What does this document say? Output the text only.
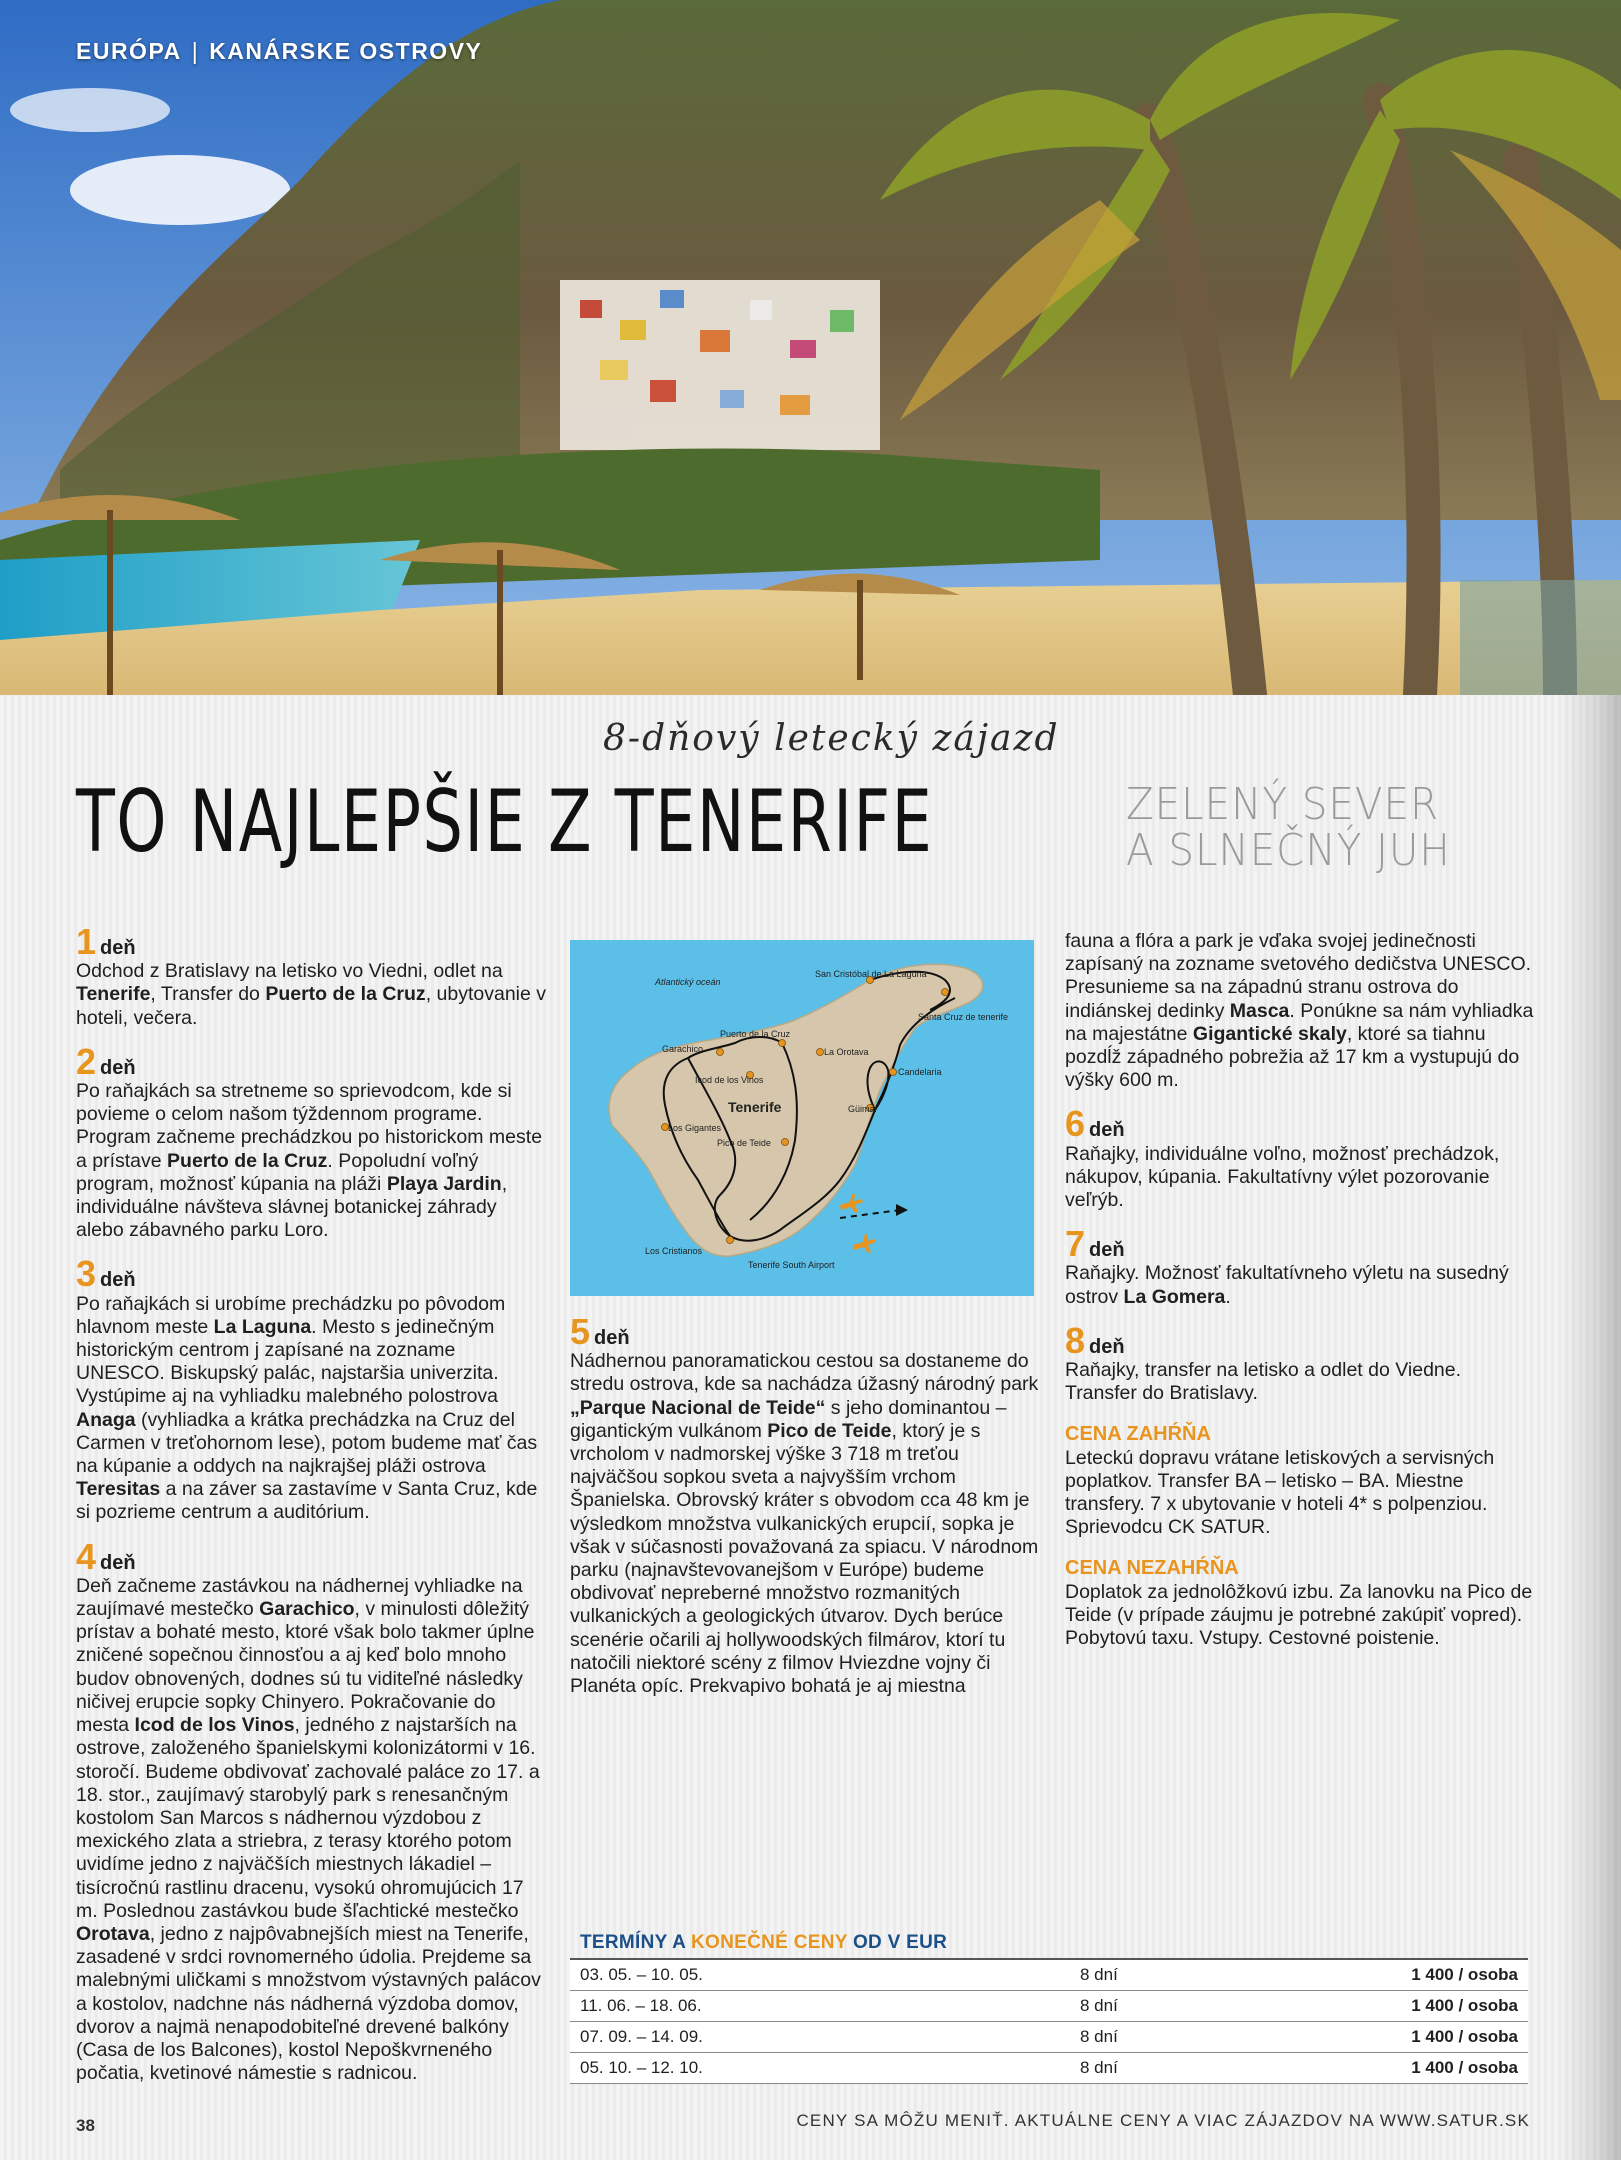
EURÓPA | KANÁRSKE OSTROVY
8-dňový letecký zájazd
TO NAJLEPŠIE Z TENERIFE	ZELENÝ SEVER
A SLNEČNÝ JUH
1 deň
Odchod z Bratislavy na letisko vo Viedni, odlet na Tenerife, Transfer do Puerto de la Cruz, ubytovanie v hoteli, večera.
2 deň
Po raňajkách sa stretneme so sprievodcom, kde si povieme o celom našom týždennom programe. Program začneme prechádzkou po historickom meste a prístave Puerto de la Cruz. Popoludní voľný program, možnosť kúpania na pláži Playa Jardin, individuálne návšteva slávnej botanickej záhrady alebo zábavného parku Loro.
3 deň
Po raňajkách si urobíme prechádzku po pôvodom hlavnom meste La Laguna. Mesto s jedinečným historickým centrom j zapísané na zozname UNESCO. Biskupský palác, najstaršia univerzita. Vystúpime aj na vyhliadku malebného polostrova Anaga (vyhliadka a krátka prechádzka na Cruz del Carmen v treťohornom lese), potom budeme mať čas na kúpanie a oddych na najkrajšej pláži ostrova Teresitas a na záver sa zastavíme v Santa Cruz, kde si pozrieme centrum a auditórium.
4 deň
Deň začneme zastávkou na nádhernej vyhliadke na zaujímavé mestečko Garachico, v minulosti dôležitý prístav a bohaté mesto, ktoré však bolo takmer úplne zničené sopečnou činnosťou a aj keď bolo mnoho budov obnovených, dodnes sú tu viditeľné následky ničivej erupcie sopky Chinyero. Pokračovanie do mesta Icod de los Vinos, jedného z najstarších na ostrove, založeného španielskymi kolonizátormi v 16. storočí. Budeme obdivovať zachovalé paláce zo 17. a 18. stor., zaujímavý starobylý park s renesančným kostolom San Marcos s nádhernou výzdobou z mexického zlata a striebra, z terasy ktorého potom uvidíme jedno z najväčších miestnych lákadiel – tisícročnú rastlinu dracenu, vysokú ohromujúcich 17 m. Poslednou zastávkou bude šľachtické mestečko Orotava, jedno z najpôvabnejších miest na Tenerife, zasadené v srdci rovnomerného údolia. Prejdeme sa malebnými uličkami s množstvom výstavných palácov a kostolov, nadchne nás nádherná výzdoba domov, dvorov a najmä nenapodobiteľné drevené balkóny (Casa de los Balcones), kostol Nepoškvrneného počatia, kvetinové námestie s radnicou.
Atlantický oceán
San Cristóbal de La Laguna
Santa Cruz de tenerife
Puerto de la Cruz
Garachico	La Orotava
Icod de los Vinos
Candelaria
Tenerife	Güimar
Los Gigantes
Pico de Teide
Los Cristianos
Tenerife South Airport
5 deň
Nádhernou panoramatickou cestou sa dostaneme do stredu ostrova, kde sa nachádza úžasný národný park „Parque Nacional de Teide“ s jeho dominantou – gigantickým vulkánom Pico de Teide, ktorý je s vrcholom v nadmorskej výške 3 718 m treťou najväčšou sopkou sveta a najvyšším vrchom Španielska. Obrovský kráter s obvodom cca 48 km je výsledkom množstva vulkanických erupcií, sopka je však v súčasnosti považovaná za spiacu. V národnom parku (najnavštevovanejšom v Európe) budeme obdivovať nepreberné množstvo rozmanitých vulkanických a geologických útvarov. Dych berúce scenérie očarili aj hollywoodských filmárov, ktorí tu natočili niektoré scény z filmov Hviezdne vojny či Planéta opíc. Prekvapivo bohatá je aj miestna
fauna a flóra a park je vďaka svojej jedinečnosti zapísaný na zozname svetového dedičstva UNESCO. Presunieme sa na západnú stranu ostrova do indiánskej dedinky Masca. Ponúkne sa nám vyhliadka na majestátne Gigantické skaly, ktoré sa tiahnu pozdĺž západného pobrežia až 17 km a vystupujú do výšky 600 m.
6 deň
Raňajky, individuálne voľno, možnosť prechádzok, nákupov, kúpania. Fakultatívny výlet pozorovanie veľrýb.
7 deň
Raňajky. Možnosť fakultatívneho výletu na susedný ostrov La Gomera.
8 deň
Raňajky, transfer na letisko a odlet do Viedne. Transfer do Bratislavy.
CENA ZAHŔŇA
Leteckú dopravu vrátane letiskových a servisných poplatkov. Transfer BA – letisko – BA. Miestne transfery. 7 x ubytovanie v hoteli 4* s polpenziou. Sprievodcu CK SATUR.
CENA NEZAHŔŇA
Doplatok za jednolôžkovú izbu. Za lanovku na Pico de Teide (v prípade záujmu je potrebné zakúpiť vopred). Pobytovú taxu. Vstupy. Cestovné poistenie.
TERMÍNY A KONEČNÉ CENY OD V EUR
03. 05. – 10. 05.	8 dní	1 400 / osoba
11. 06. – 18. 06.	8 dní	1 400 / osoba
07. 09. – 14. 09.	8 dní	1 400 / osoba
05. 10. – 12. 10.	8 dní	1 400 / osoba
38	CENY SA MÔŽU MENIŤ. AKTUÁLNE CENY A VIAC ZÁJAZDOV NA WWW.SATUR.SK
